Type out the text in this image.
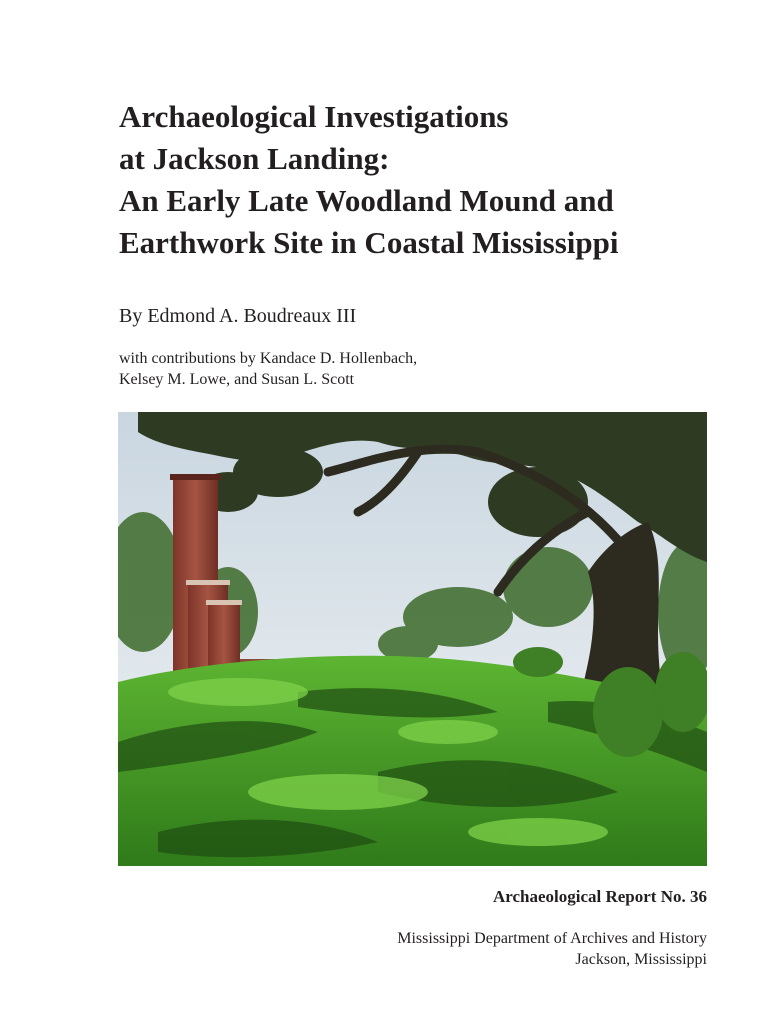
Archaeological Investigations
at Jackson Landing:
An Early Late Woodland Mound and
Earthwork Site in Coastal Mississippi
By Edmond A. Boudreaux III
with contributions by Kandace D. Hollenbach,
Kelsey M. Lowe, and Susan L. Scott
Archaeological Report No. 36
Mississippi Department of Archives and History
Jackson, Mississippi
